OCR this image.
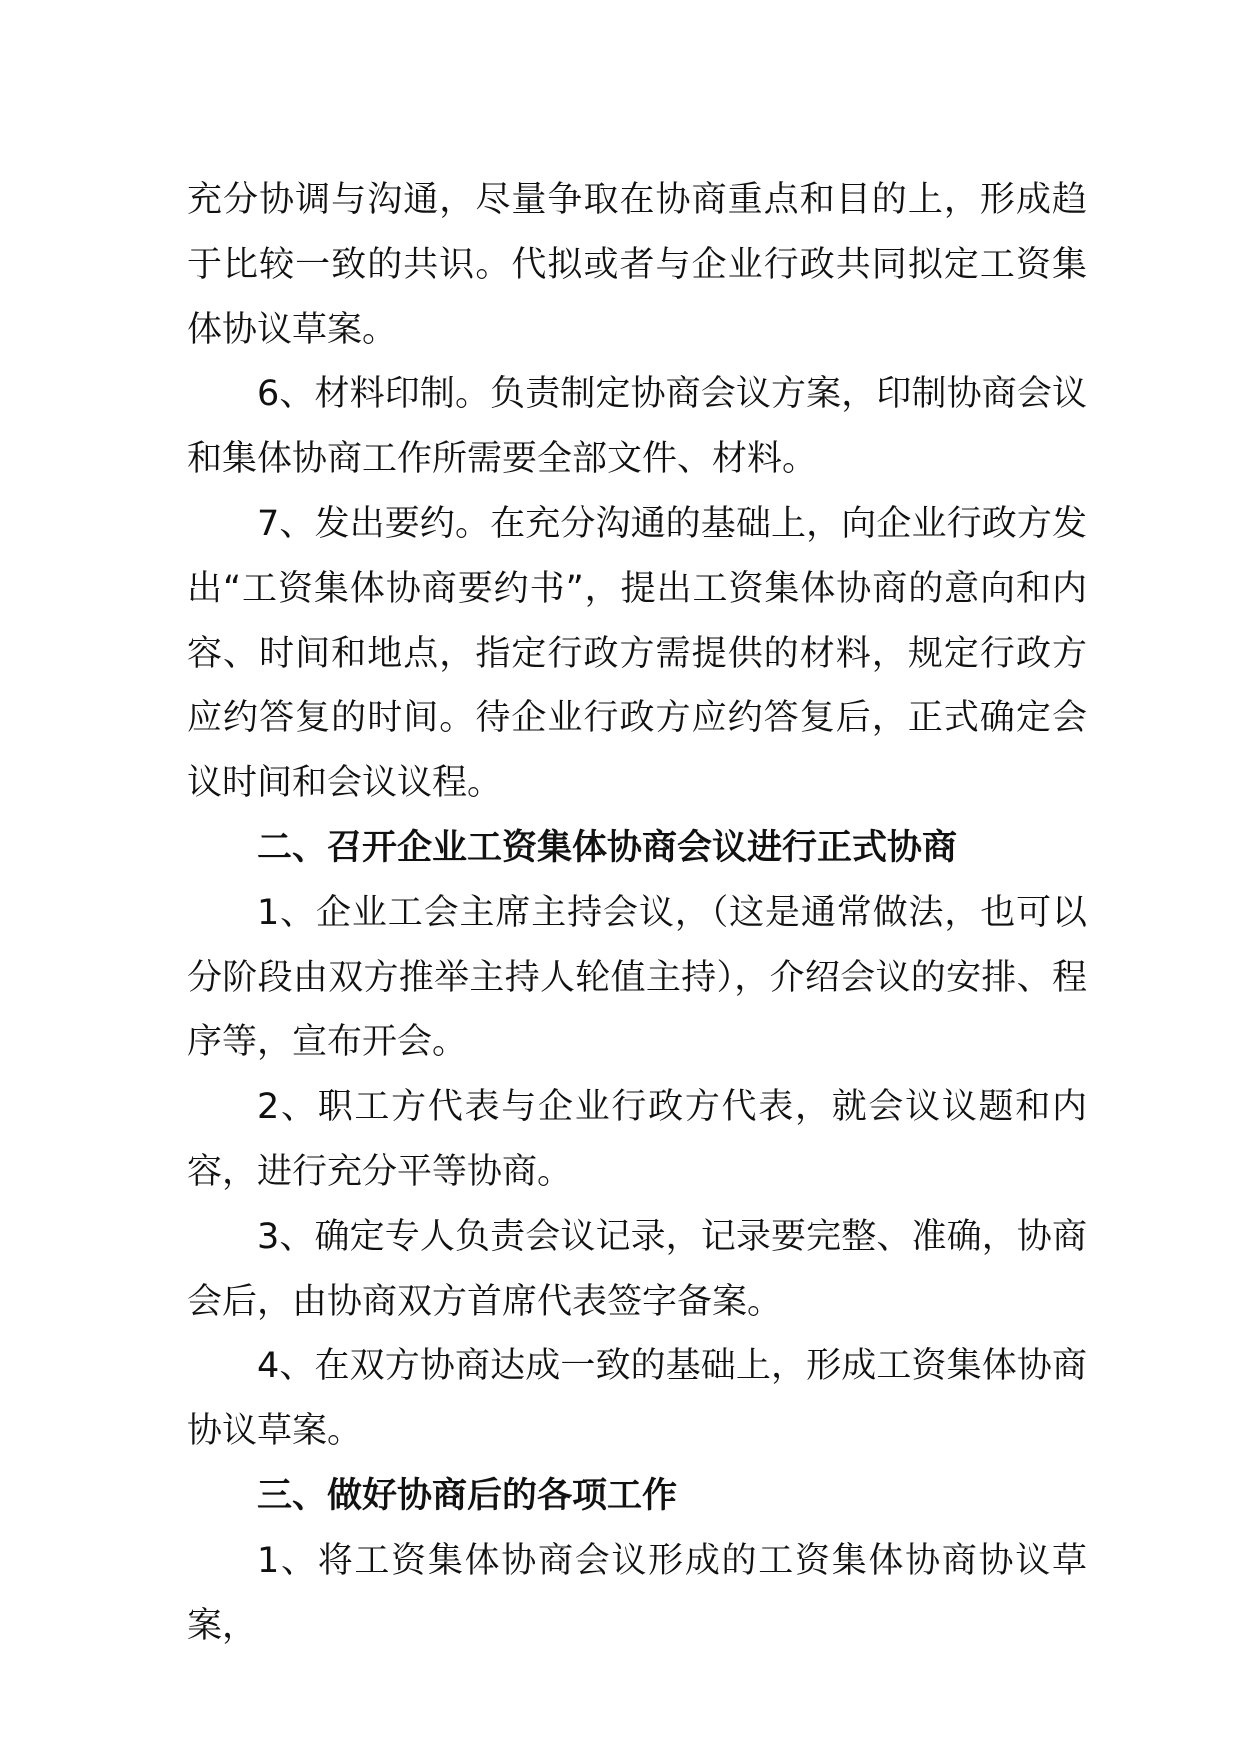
充分协调与沟通，尽量争取在协商重点和目的上，形成趋于比较一致的共识。代拟或者与企业行政共同拟定工资集体协议草案。

6、材料印制。负责制定协商会议方案，印制协商会议和集体协商工作所需要全部文件、材料。

7、发出要约。在充分沟通的基础上，向企业行政方发出“工资集体协商要约书”，提出工资集体协商的意向和内容、时间和地点，指定行政方需提供的材料，规定行政方应约答复的时间。待企业行政方应约答复后，正式确定会议时间和会议议程。

二、召开企业工资集体协商会议进行正式协商

1、企业工会主席主持会议，（这是通常做法，也可以分阶段由双方推举主持人轮值主持），介绍会议的安排、程序等，宣布开会。

2、职工方代表与企业行政方代表，就会议议题和内容，进行充分平等协商。

3、确定专人负责会议记录，记录要完整、准确，协商会后，由协商双方首席代表签字备案。

4、在双方协商达成一致的基础上，形成工资集体协商协议草案。

三、做好协商后的各项工作

1、将工资集体协商会议形成的工资集体协商协议草案，
